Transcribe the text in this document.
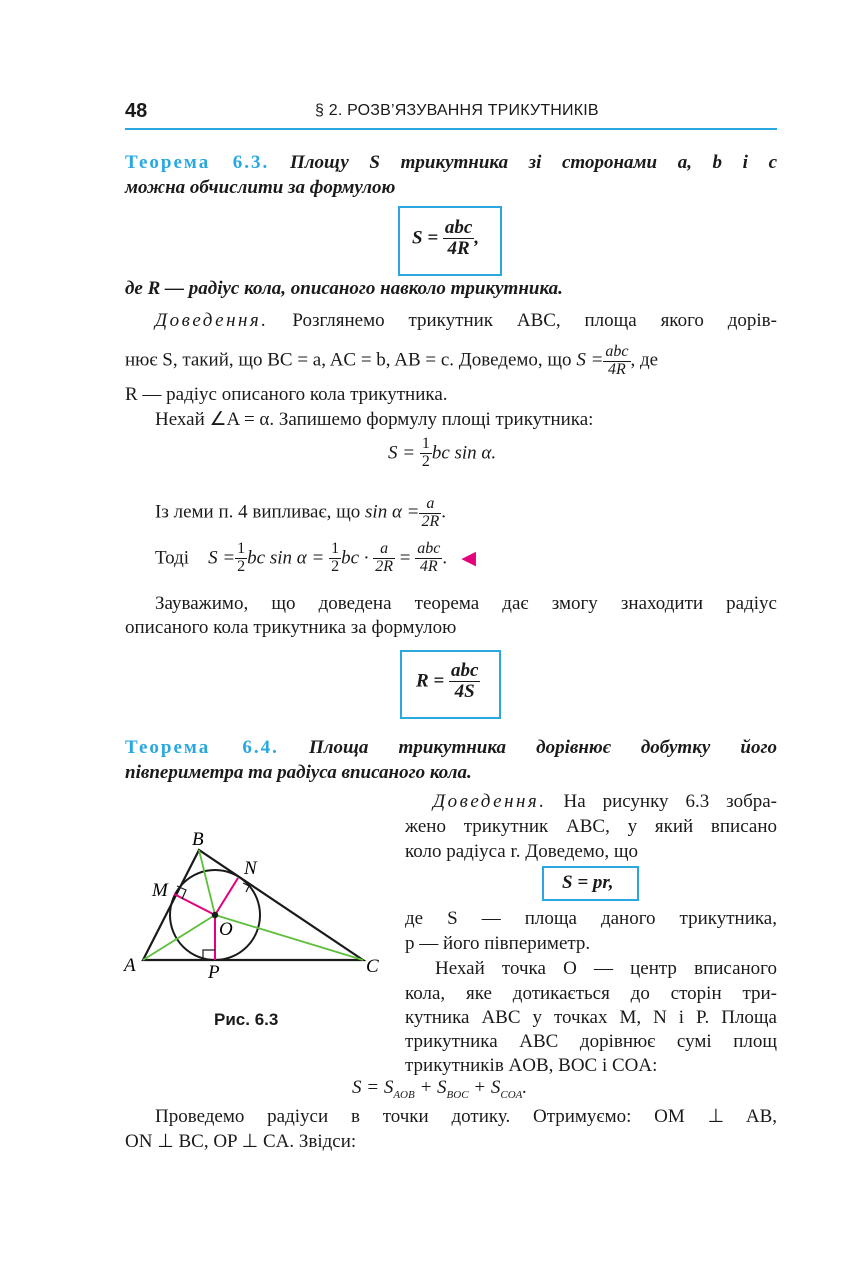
48	§ 2. РОЗВ’ЯЗУВАННЯ ТРИКУТНИКІВ
Теорема 6.3. Площу S трикутника зі сторонами a, b і c
можна обчислити за формулою
$S = \frac{\text{abc}}{4R}$ ,
де R — радіус кола, описаного навколо трикутника.
Доведення. Розглянемо трикутник ABC, площа якого дорів-
нює S, такий, що BC = a, AC = b, AB = c. Доведемо, що $S = \frac{\text{abc}}{4R}$ , де
R — радіус описаного кола трикутника.
Нехай ∠A = α. Запишемо формулу площі трикутника:
$S = \frac{1}{2}$ bc sin α.
Із леми п. 4 випливає, що $\sin \alpha = \frac{a}{2R}$ .
Тоді $S = \frac{1}{2}$ bc $\sin \alpha = \frac{1}{2}$ bc · $\frac{a}{2R} = \frac{\text{abc}}{4R}$ . ◀
Зауважимо, що доведена теорема дає змогу знаходити радіус
описаного кола трикутника за формулою
$R = \frac{\text{abc}}{4S}$
Теорема 6.4. Площа трикутника дорівнює добутку його
півпериметра та радіуса вписаного кола.
A
B
C
M
N
O
P
Рис. 6.3
Доведення. На рисунку 6.3 зобра-
жено трикутник ABC, у який вписано
коло радіуса r. Доведемо, що
S = pr,
де S — площа даного трикутника,
p — його півпериметр.
Нехай точка O — центр вписаного
кола, яке дотикається до сторін три-
кутника ABC у точках M, N і P. Площа
трикутника ABC дорівнює сумі площ
трикутників AOB, BOC і COA:
$S = S_{AOB} + S_{BOC} + S_{COA}$.
Проведемо радіуси в точки дотику. Отримуємо: OM ⊥ AB,
ON ⊥ BC, OP ⊥ CA. Звідси:
